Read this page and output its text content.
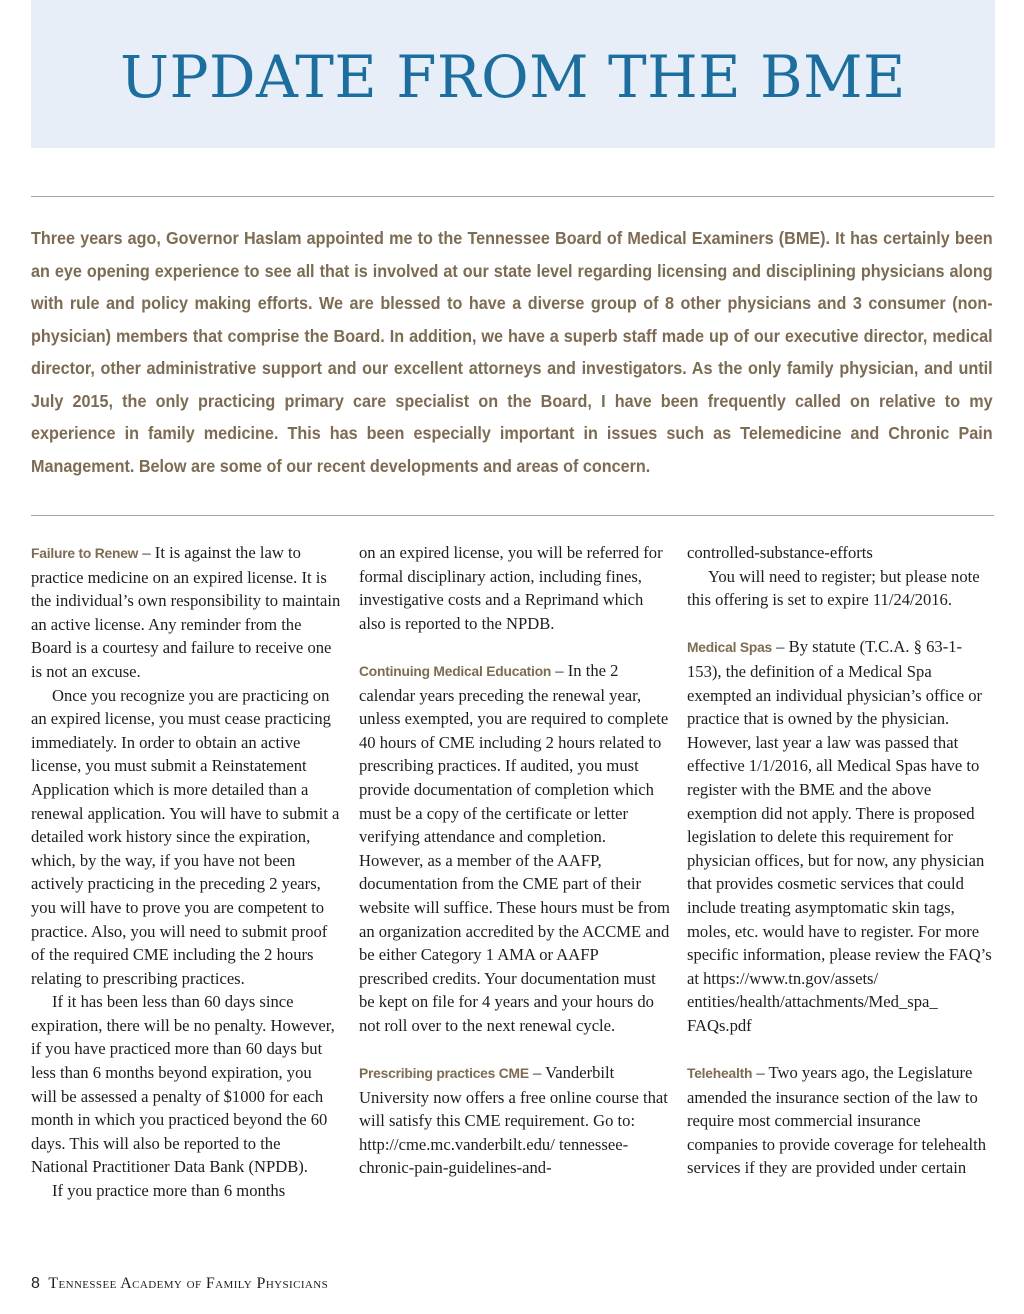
UPDATE FROM THE BME

Three years ago, Governor Haslam appointed me to the Tennessee Board of Medical Examiners (BME). It has certainly been an eye opening experience to see all that is involved at our state level regarding licensing and disciplining physicians along with rule and policy making efforts. We are blessed to have a diverse group of 8 other physicians and 3 consumer (non-physician) members that comprise the Board. In addition, we have a superb staff made up of our executive director, medical director, other administrative support and our excellent attorneys and investigators. As the only family physician, and until July 2015, the only practicing primary care specialist on the Board, I have been frequently called on relative to my experience in family medicine. This has been especially important in issues such as Telemedicine and Chronic Pain Management. Below are some of our recent developments and areas of concern.

Failure to Renew – It is against the law to practice medicine on an expired license. It is the individual’s own responsibility to maintain an active license. Any reminder from the Board is a courtesy and failure to receive one is not an excuse.

Once you recognize you are practicing on an expired license, you must cease practicing immediately. In order to obtain an active license, you must submit a Reinstatement Application which is more detailed than a renewal application. You will have to submit a detailed work history since the expiration, which, by the way, if you have not been actively practicing in the preceding 2 years, you will have to prove you are competent to practice. Also, you will need to submit proof of the required CME including the 2 hours relating to prescribing practices.

If it has been less than 60 days since expiration, there will be no penalty. However, if you have practiced more than 60 days but less than 6 months beyond expiration, you will be assessed a penalty of $1000 for each month in which you practiced beyond the 60 days. This will also be reported to the National Practitioner Data Bank (NPDB).

If you practice more than 6 months

on an expired license, you will be referred for formal disciplinary action, including fines, investigative costs and a Reprimand which also is reported to the NPDB.

Continuing Medical Education – In the 2 calendar years preceding the renewal year, unless exempted, you are required to complete 40 hours of CME including 2 hours related to prescribing practices. If audited, you must provide documentation of completion which must be a copy of the certificate or letter verifying attendance and completion. However, as a member of the AAFP, documentation from the CME part of their website will suffice. These hours must be from an organization accredited by the ACCME and be either Category 1 AMA or AAFP prescribed credits. Your documentation must be kept on file for 4 years and your hours do not roll over to the next renewal cycle.

Prescribing practices CME – Vanderbilt University now offers a free online course that will satisfy this CME requirement. Go to: http://cme.mc.vanderbilt.edu/ tennessee-chronic-pain-guidelines-and-

controlled-substance-efforts

You will need to register; but please note this offering is set to expire 11/24/2016.

Medical Spas – By statute (T.C.A. § 63-1-153), the definition of a Medical Spa exempted an individual physician’s office or practice that is owned by the physician. However, last year a law was passed that effective 1/1/2016, all Medical Spas have to register with the BME and the above exemption did not apply. There is proposed legislation to delete this requirement for physician offices, but for now, any physician that provides cosmetic services that could include treating asymptomatic skin tags, moles, etc. would have to register. For more specific information, please review the FAQ’s at https://www.tn.gov/assets/ entities/health/attachments/Med_spa_ FAQs.pdf

Telehealth – Two years ago, the Legislature amended the insurance section of the law to require most commercial insurance companies to provide coverage for telehealth services if they are provided under certain

8 Tennessee Academy of Family Physicians
